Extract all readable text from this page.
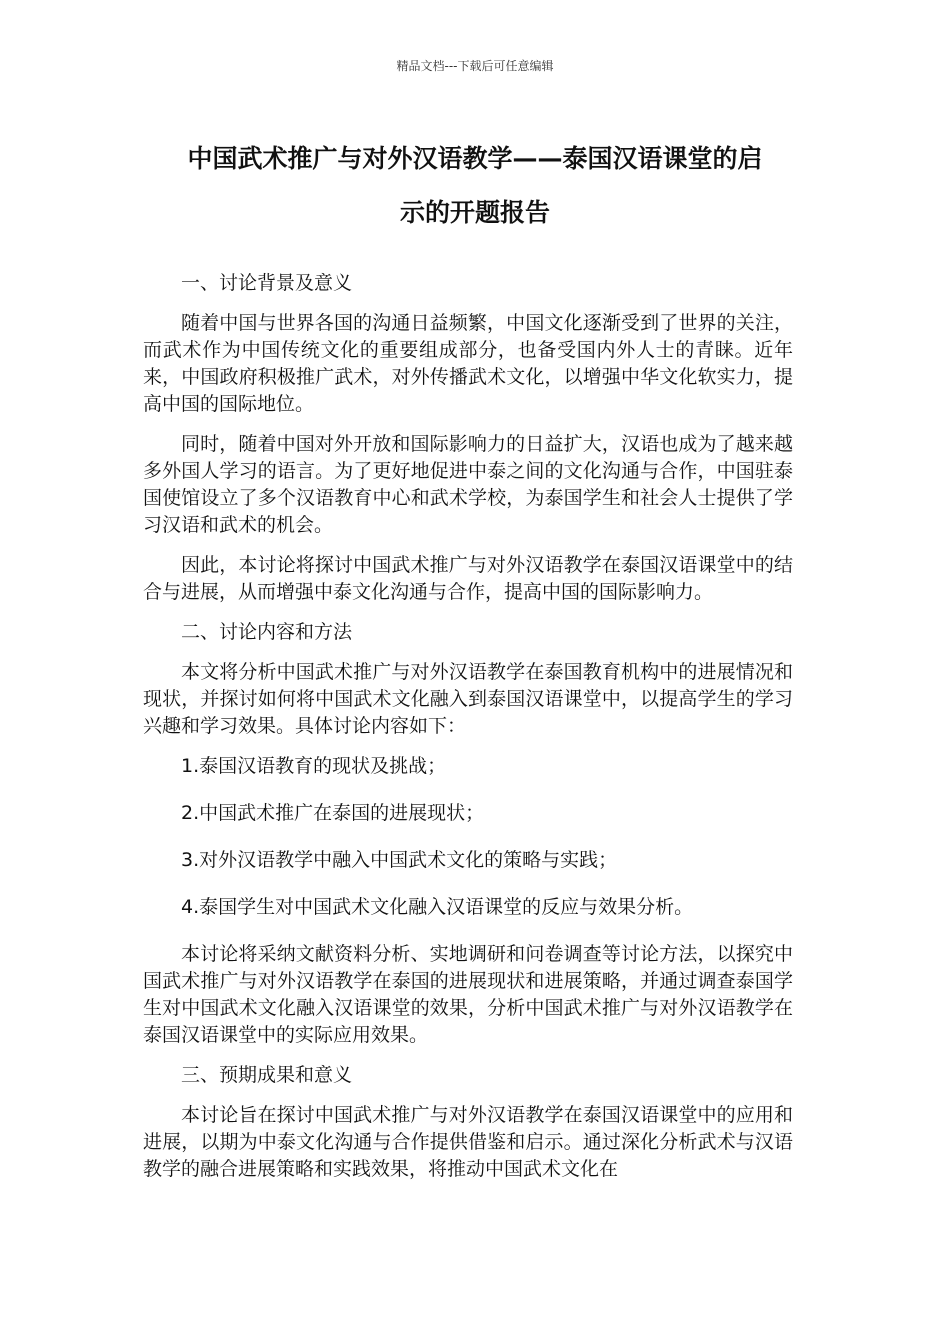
精品文档---下载后可任意编辑
中国武术推广与对外汉语教学——泰国汉语课堂的启
示的开题报告

一、讨论背景及意义

随着中国与世界各国的沟通日益频繁，中国文化逐渐受到了世界的关注，而武术作为中国传统文化的重要组成部分，也备受国内外人士的青睐。近年来，中国政府积极推广武术，对外传播武术文化，以增强中华文化软实力，提高中国的国际地位。

同时，随着中国对外开放和国际影响力的日益扩大，汉语也成为了越来越多外国人学习的语言。为了更好地促进中泰之间的文化沟通与合作，中国驻泰国使馆设立了多个汉语教育中心和武术学校，为泰国学生和社会人士提供了学习汉语和武术的机会。

因此，本讨论将探讨中国武术推广与对外汉语教学在泰国汉语课堂中的结合与进展，从而增强中泰文化沟通与合作，提高中国的国际影响力。

二、讨论内容和方法

本文将分析中国武术推广与对外汉语教学在泰国教育机构中的进展情况和现状，并探讨如何将中国武术文化融入到泰国汉语课堂中，以提高学生的学习兴趣和学习效果。具体讨论内容如下：

1.泰国汉语教育的现状及挑战；

2.中国武术推广在泰国的进展现状；

3.对外汉语教学中融入中国武术文化的策略与实践；

4.泰国学生对中国武术文化融入汉语课堂的反应与效果分析。

本讨论将采纳文献资料分析、实地调研和问卷调查等讨论方法，以探究中国武术推广与对外汉语教学在泰国的进展现状和进展策略，并通过调查泰国学生对中国武术文化融入汉语课堂的效果，分析中国武术推广与对外汉语教学在泰国汉语课堂中的实际应用效果。

三、预期成果和意义

本讨论旨在探讨中国武术推广与对外汉语教学在泰国汉语课堂中的应用和进展，以期为中泰文化沟通与合作提供借鉴和启示。通过深化分析武术与汉语教学的融合进展策略和实践效果，将推动中国武术文化在
